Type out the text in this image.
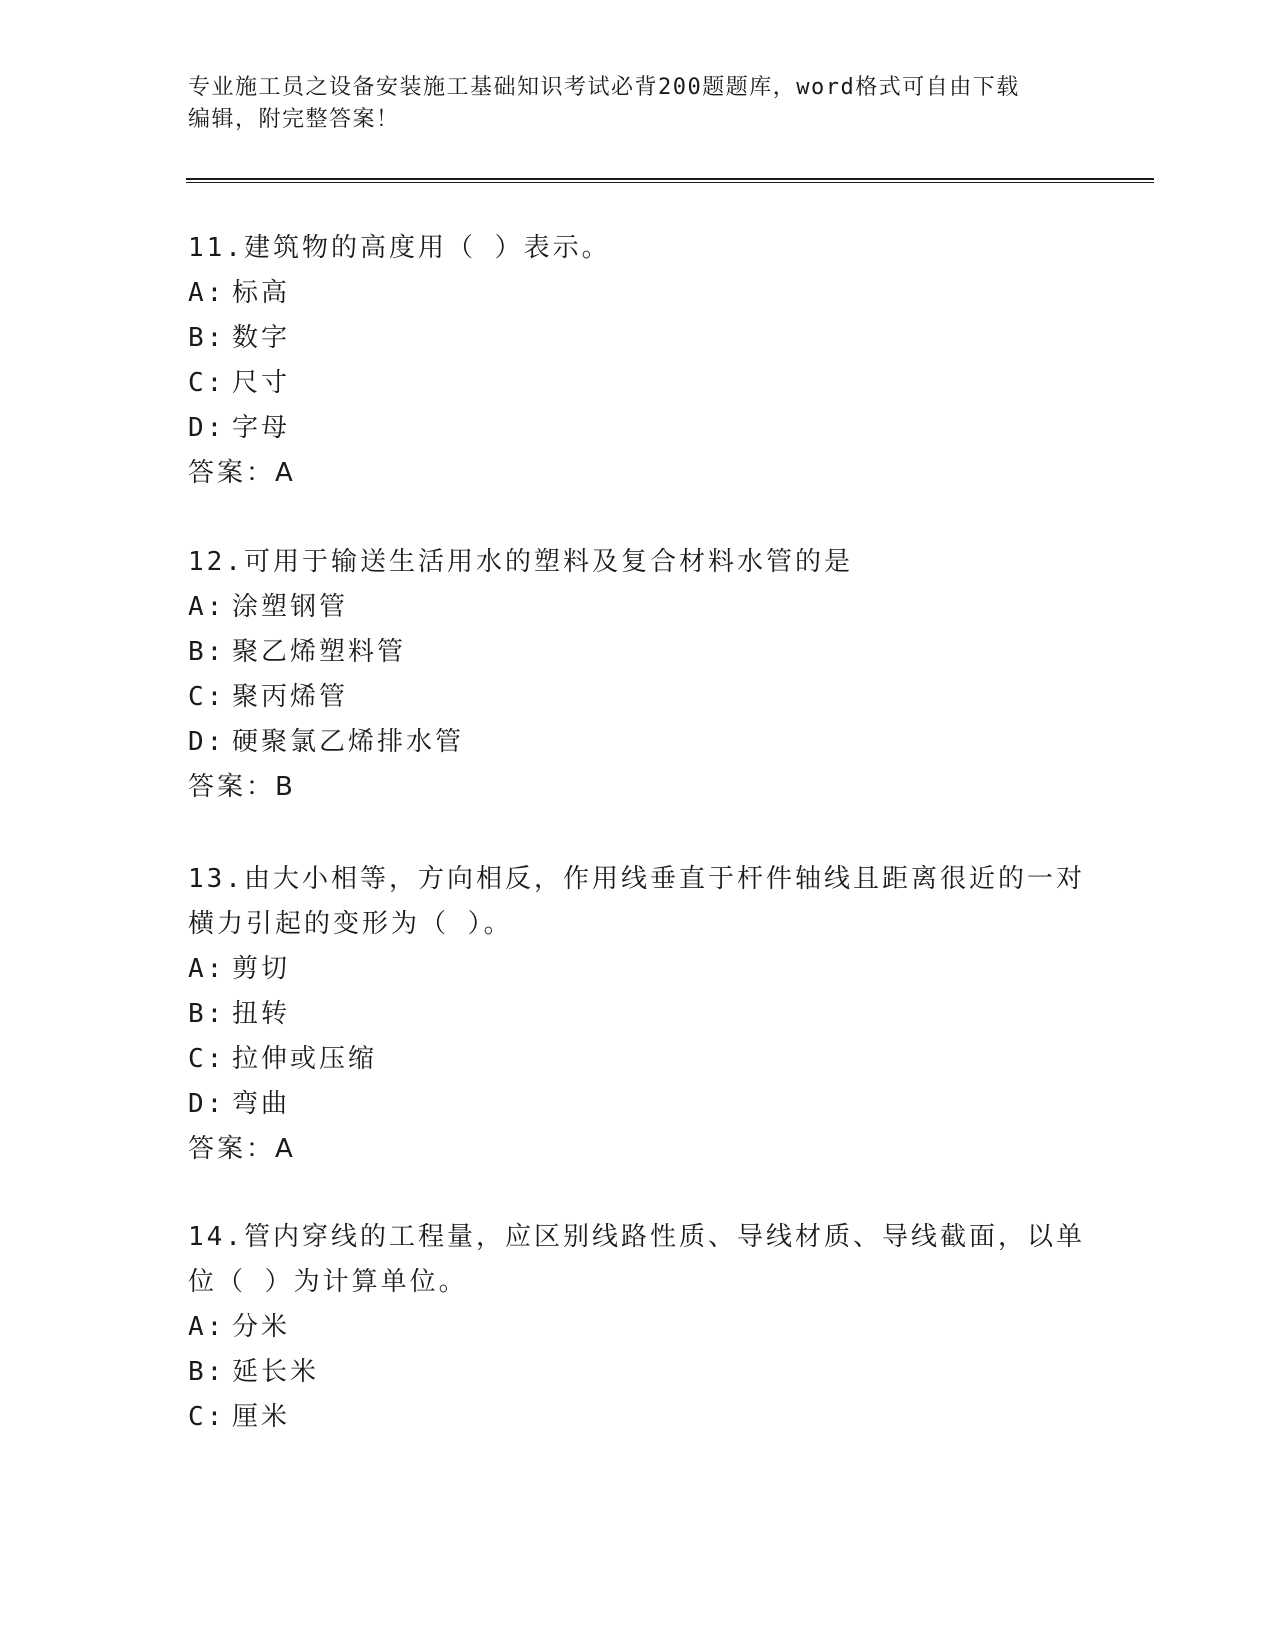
专业施工员之设备安装施工基础知识考试必背200题题库，word格式可自由下载
编辑，附完整答案！
11.建筑物的高度用（ ）表示。
A: 标高
B: 数字
C: 尺寸
D: 字母
答案：A
12.可用于输送生活用水的塑料及复合材料水管的是
A: 涂塑钢管
B: 聚乙烯塑料管
C: 聚丙烯管
D: 硬聚氯乙烯排水管
答案：B
13.由大小相等，方向相反，作用线垂直于杆件轴线且距离很近的一对
横力引起的变形为（ ）。
A: 剪切
B: 扭转
C: 拉伸或压缩
D: 弯曲
答案：A
14.管内穿线的工程量，应区别线路性质、导线材质、导线截面，以单
位（ ）为计算单位。
A: 分米
B: 延长米
C: 厘米
